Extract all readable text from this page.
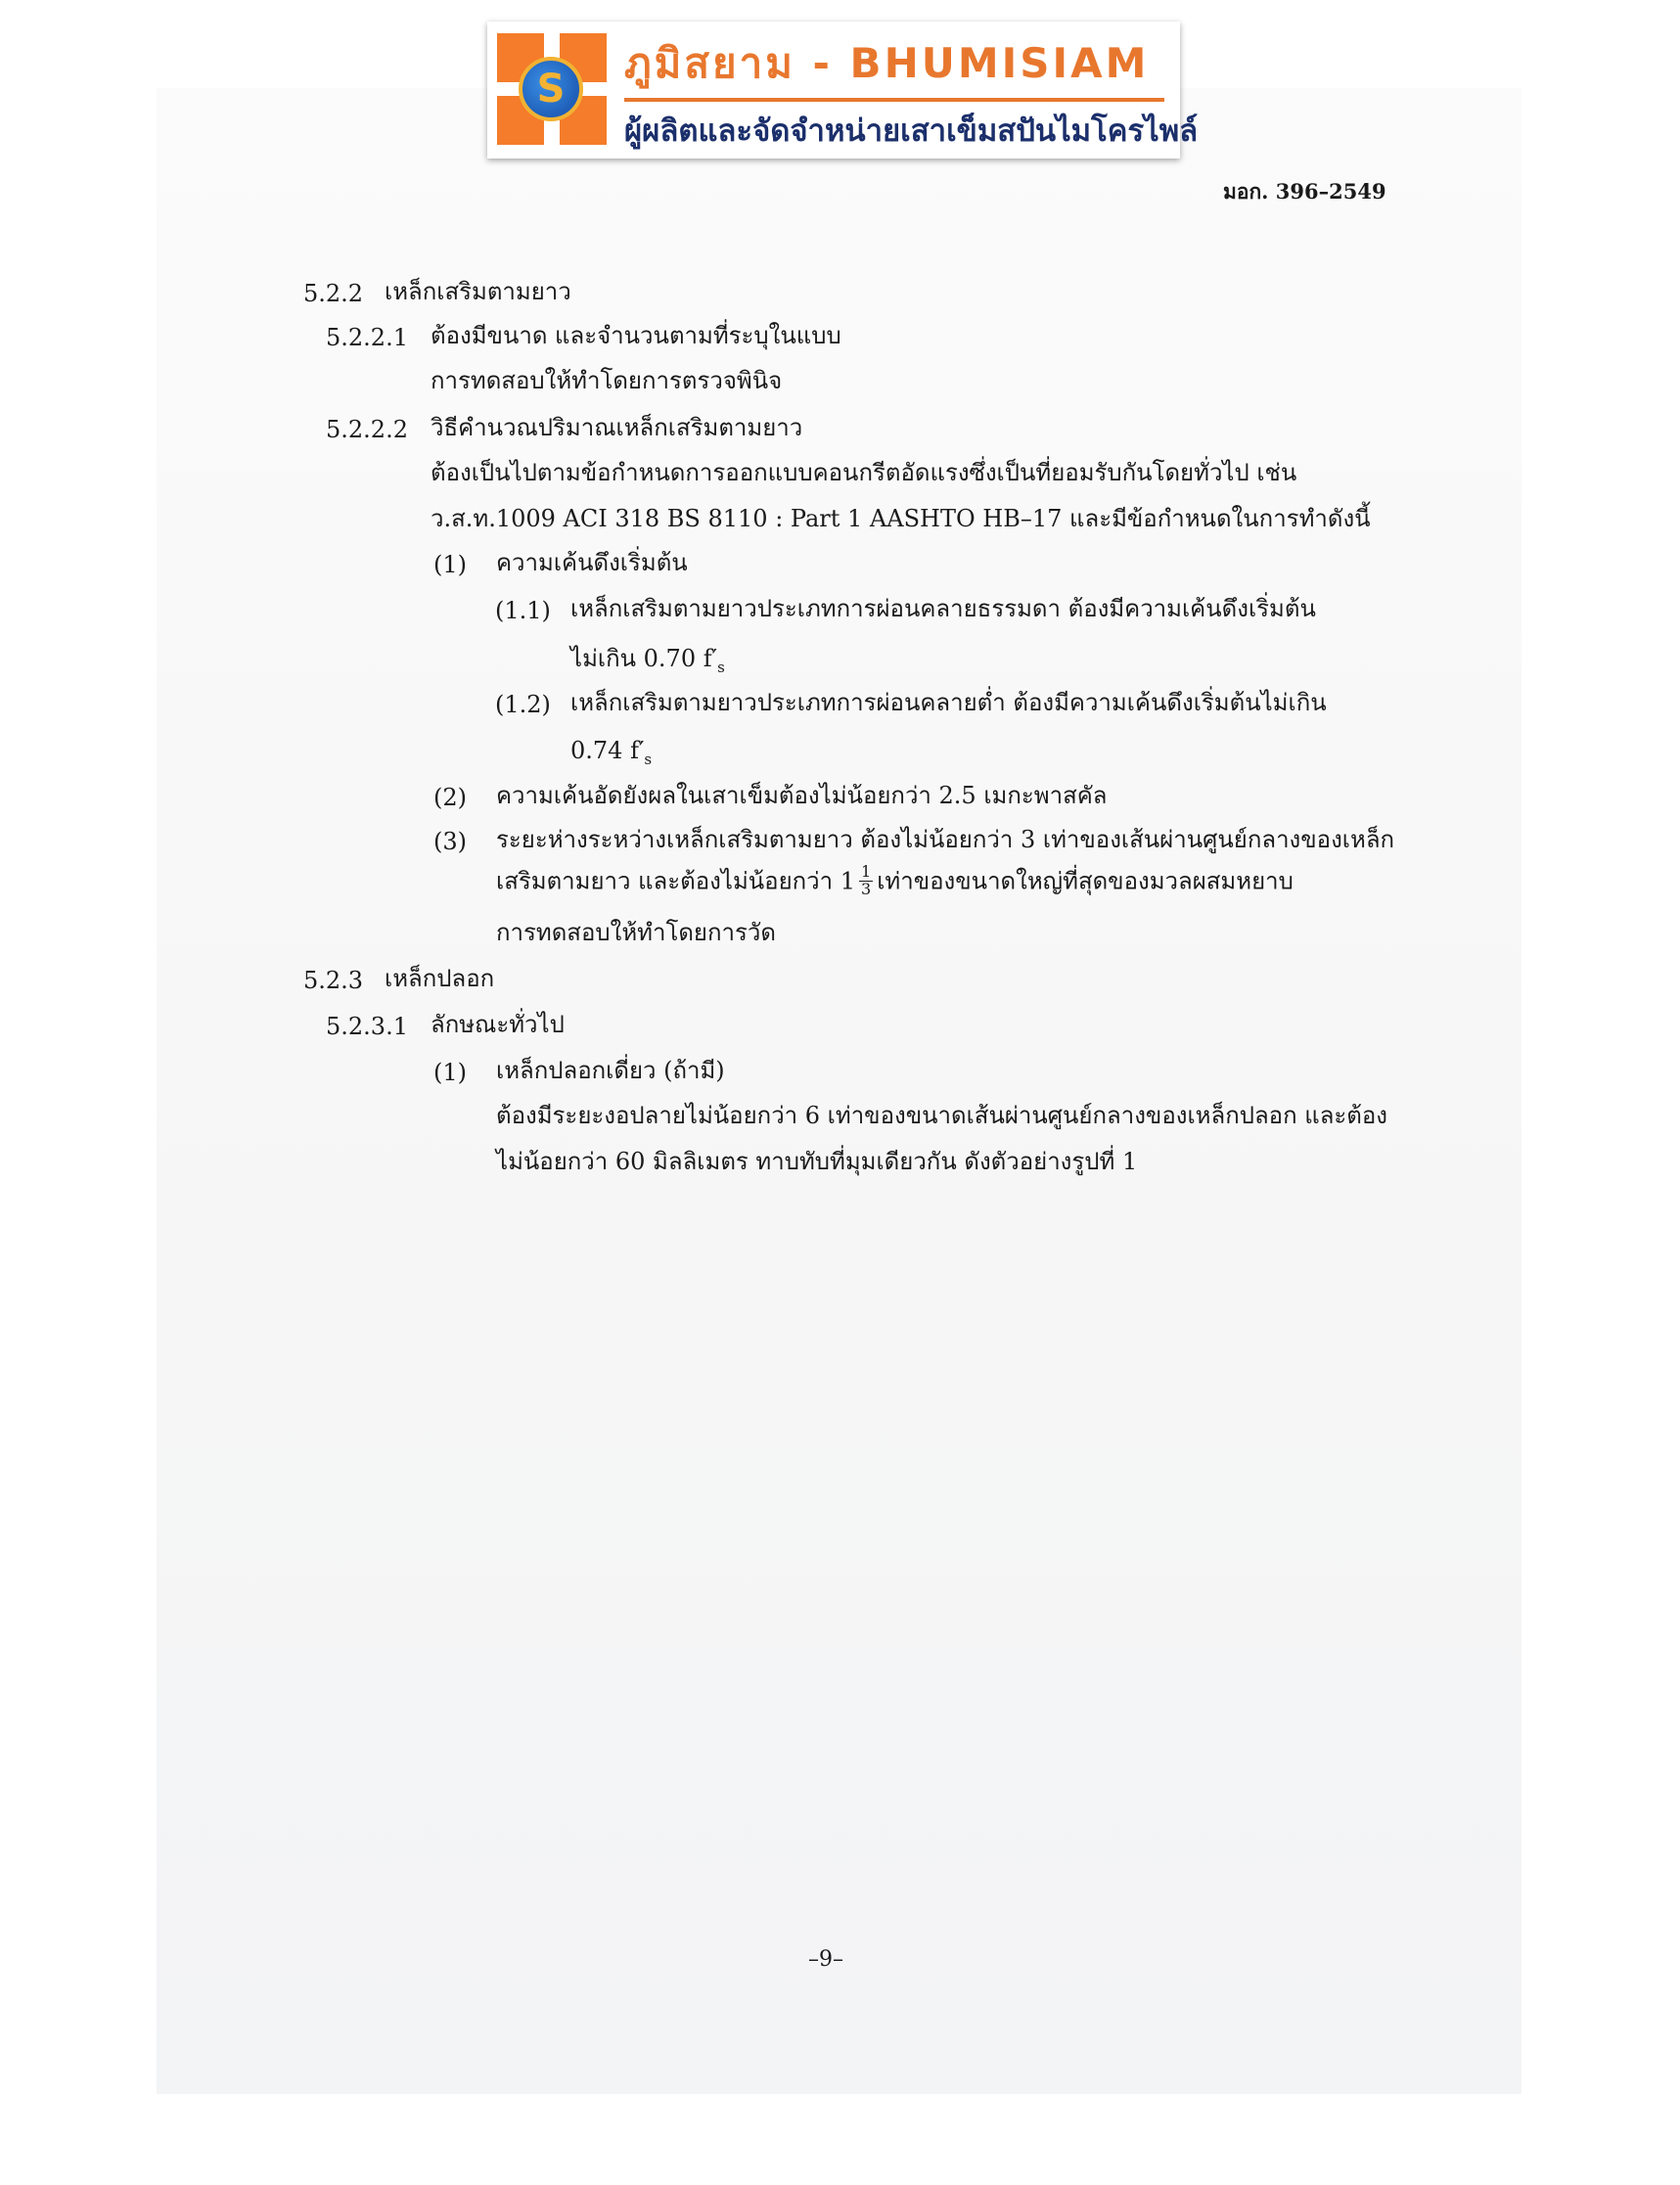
S
ภูมิสยาม - BHUMISIAM
ผู้ผลิตและจัดจำหน่ายเสาเข็มสปันไมโครไพล์
มอก. 396–2549
5.2.2 เหล็กเสริมตามยาว
5.2.2.1 ต้องมีขนาด และจำนวนตามที่ระบุในแบบ
การทดสอบให้ทำโดยการตรวจพินิจ
5.2.2.2 วิธีคำนวณปริมาณเหล็กเสริมตามยาว
ต้องเป็นไปตามข้อกำหนดการออกแบบคอนกรีตอัดแรงซึ่งเป็นที่ยอมรับกันโดยทั่วไป เช่น
ว.ส.ท.1009 ACI 318 BS 8110 : Part 1 AASHTO HB–17 และมีข้อกำหนดในการทำดังนี้
(1) ความเค้นดึงเริ่มต้น
(1.1) เหล็กเสริมตามยาวประเภทการผ่อนคลายธรรมดา ต้องมีความเค้นดึงเริ่มต้น
ไม่เกิน 0.70 $f'_s$
(1.2) เหล็กเสริมตามยาวประเภทการผ่อนคลายต่ำ ต้องมีความเค้นดึงเริ่มต้นไม่เกิน
0.74 $f'_s$
(2) ความเค้นอัดยังผลในเสาเข็มต้องไม่น้อยกว่า 2.5 เมกะพาสคัล
(3) ระยะห่างระหว่างเหล็กเสริมตามยาว ต้องไม่น้อยกว่า 3 เท่าของเส้นผ่านศูนย์กลางของเหล็ก
เสริมตามยาว และต้องไม่น้อยกว่า $1 \frac{1}{3}$ เท่าของขนาดใหญ่ที่สุดของมวลผสมหยาบ
การทดสอบให้ทำโดยการวัด
5.2.3 เหล็กปลอก
5.2.3.1 ลักษณะทั่วไป
(1) เหล็กปลอกเดี่ยว (ถ้ามี)
ต้องมีระยะงอปลายไม่น้อยกว่า 6 เท่าของขนาดเส้นผ่านศูนย์กลางของเหล็กปลอก และต้อง
ไม่น้อยกว่า 60 มิลลิเมตร ทาบทับที่มุมเดียวกัน ดังตัวอย่างรูปที่ 1
–9–
